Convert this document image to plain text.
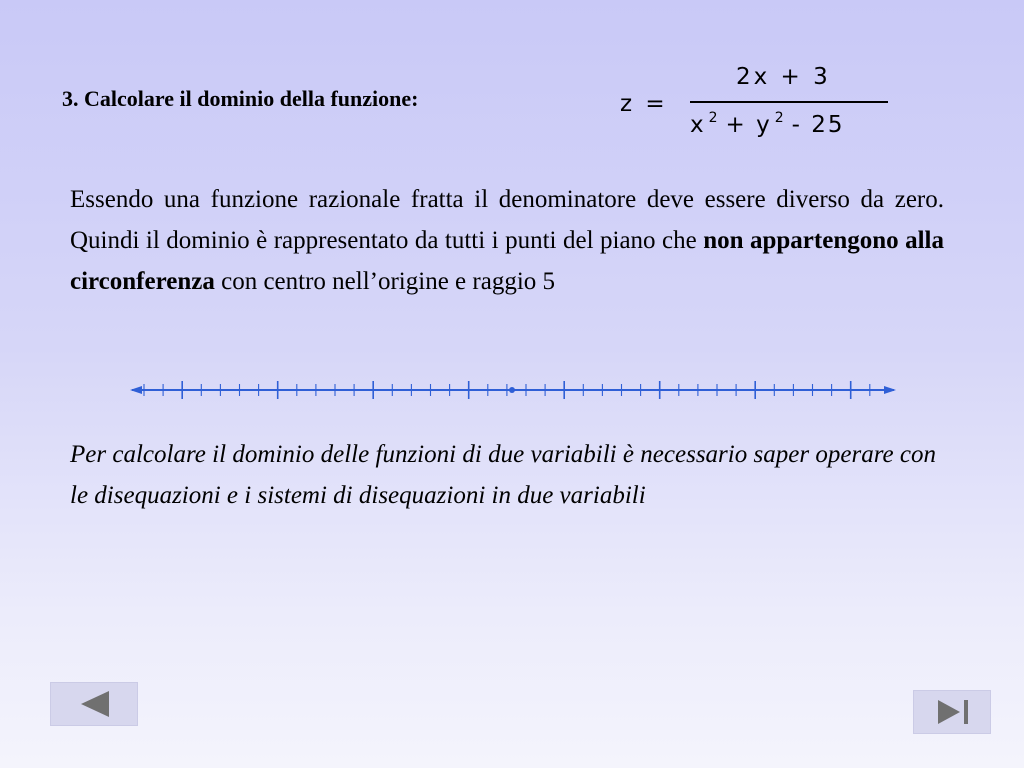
3. Calcolare il dominio della funzione:	z =
2x + 3
x $^2$ + y $^2$ - 25
Essendo una funzione razionale fratta il denominatore deve essere diverso da zero. Quindi il dominio è rappresentato da tutti i punti del piano che non appartengono alla circonferenza con centro nell’origine e raggio 5
Per calcolare il dominio delle funzioni di due variabili è necessario saper operare con le disequazioni e i sistemi di disequazioni in due variabili
